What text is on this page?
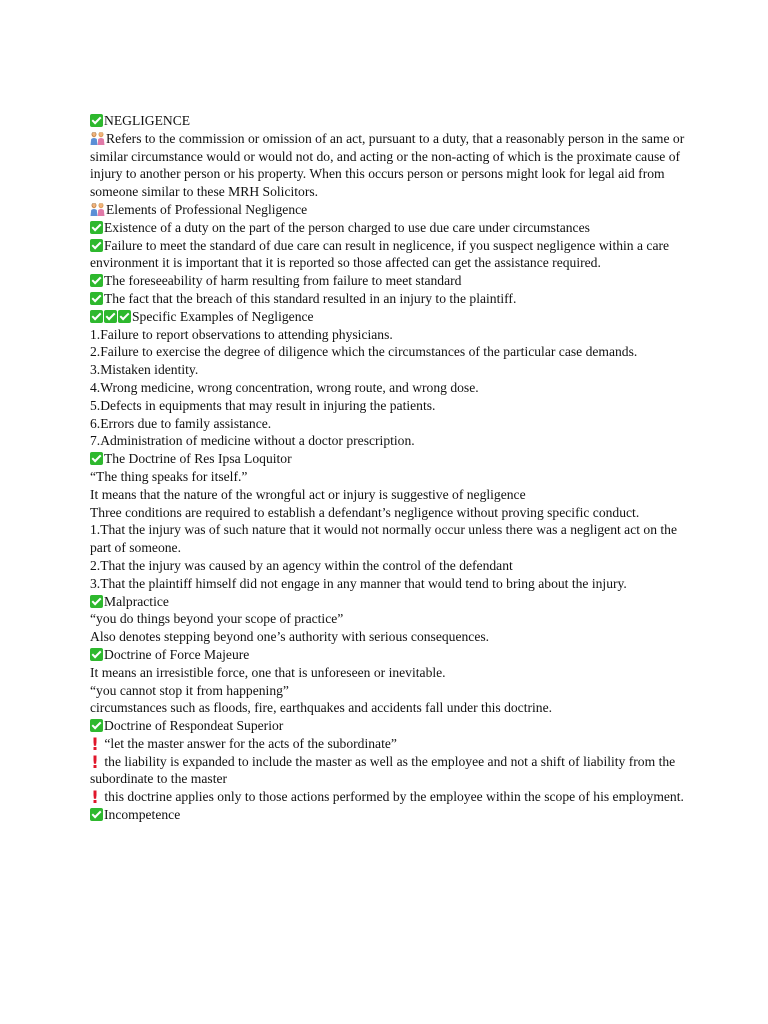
NEGLIGENCE
Refers to the commission or omission of an act, pursuant to a duty, that a reasonably person in the same or similar circumstance would or would not do, and acting or the non-acting of which is the proximate cause of injury to another person or his property. When this occurs person or persons might look for legal aid from someone similar to these MRH Solicitors.
Elements of Professional Negligence
Existence of a duty on the part of the person charged to use due care under circumstances
Failure to meet the standard of due care can result in neglicence, if you suspect negligence within a care environment it is important that it is reported so those affected can get the assistance required.
The foreseeability of harm resulting from failure to meet standard
The fact that the breach of this standard resulted in an injury to the plaintiff.
Specific Examples of Negligence
1.Failure to report observations to attending physicians.
2.Failure to exercise the degree of diligence which the circumstances of the particular case demands.
3.Mistaken identity.
4.Wrong medicine, wrong concentration, wrong route, and wrong dose.
5.Defects in equipments that may result in injuring the patients.
6.Errors due to family assistance.
7.Administration of medicine without a doctor prescription.
The Doctrine of Res Ipsa Loquitor
“The thing speaks for itself.”
It means that the nature of the wrongful act or injury is suggestive of negligence
Three conditions are required to establish a defendant’s negligence without proving specific conduct.
1.That the injury was of such nature that it would not normally occur unless there was a negligent act on the part of someone.
2.That the injury was caused by an agency within the control of the defendant
3.That the plaintiff himself did not engage in any manner that would tend to bring about the injury.
Malpractice
“you do things beyond your scope of practice”
Also denotes stepping beyond one’s authority with serious consequences.
Doctrine of Force Majeure
It means an irresistible force, one that is unforeseen or inevitable.
“you cannot stop it from happening”
circumstances such as floods, fire, earthquakes and accidents fall under this doctrine.
Doctrine of Respondeat Superior
! “let the master answer for the acts of the subordinate”
! the liability is expanded to include the master as well as the employee and not a shift of liability from the subordinate to the master
! this doctrine applies only to those actions performed by the employee within the scope of his employment.
Incompetence
